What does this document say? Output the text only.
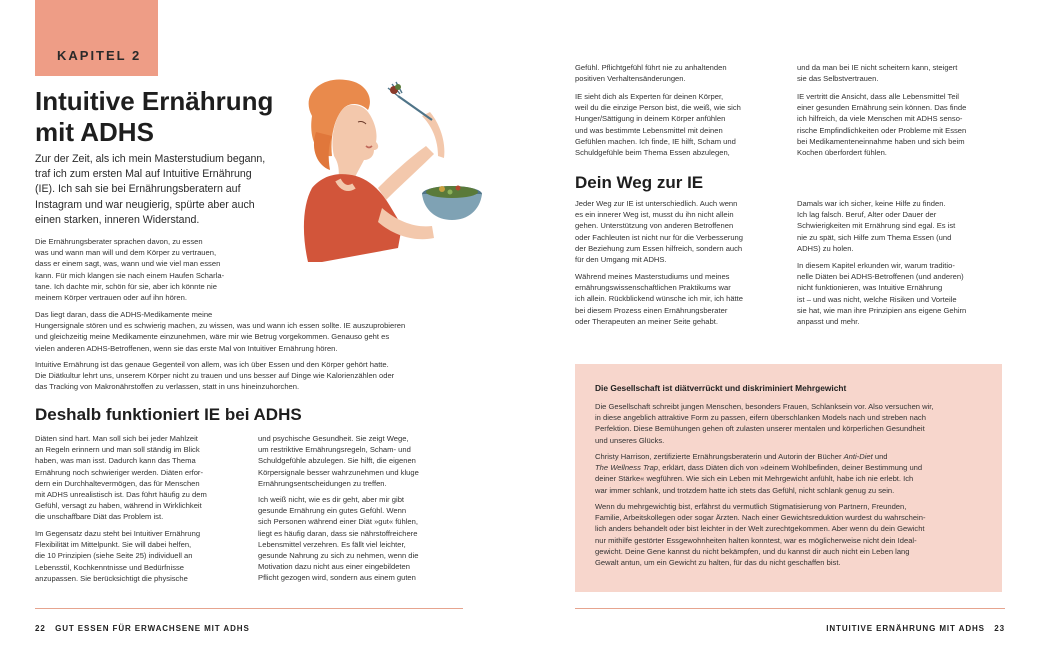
KAPITEL 2
Intuitive Ernährung
mit ADHS

Zur der Zeit, als ich mein Masterstudium begann,
traf ich zum ersten Mal auf Intuitive Ernährung
(IE). Ich sah sie bei Ernährungsberatern auf
Instagram und war neugierig, spürte aber auch
einen starken, inneren Widerstand.

Die Ernährungsberater sprachen davon, zu essen
was und wann man will und dem Körper zu vertrauen,
dass er einem sagt, was, wann und wie viel man essen
kann. Für mich klangen sie nach einem Haufen Scharla-
tane. Ich dachte mir, schön für sie, aber ich könnte nie
meinem Körper vertrauen oder auf ihn hören.

Das liegt daran, dass die ADHS-Medikamente meine
Hungersignale stören und es schwierig machen, zu wissen, was und wann ich essen sollte. IE auszuprobieren
und gleichzeitig meine Medikamente einzunehmen, wäre mir wie Betrug vorgekommen. Genauso geht es
vielen anderen ADHS-Betroffenen, wenn sie das erste Mal von Intuitiver Ernährung hören.

Intuitive Ernährung ist das genaue Gegenteil von allem, was ich über Essen und den Körper gehört hatte.
Die Diätkultur lehrt uns, unserem Körper nicht zu trauen und uns besser auf Dinge wie Kalorienzählen oder
das Tracking von Makronährstoffen zu verlassen, statt in uns hineinzuhorchen.

Deshalb funktioniert IE bei ADHS

Diäten sind hart. Man soll sich bei jeder Mahlzeit
an Regeln erinnern und man soll ständig im Blick
haben, was man isst. Dadurch kann das Thema
Ernährung noch schwieriger werden. Diäten erfor-
dern ein Durchhaltevermögen, das für Menschen
mit ADHS unrealistisch ist. Das führt häufig zu dem
Gefühl, versagt zu haben, während in Wirklichkeit
die unschaffbare Diät das Problem ist.

Im Gegensatz dazu steht bei Intuitiver Ernährung
Flexibilität im Mittelpunkt. Sie will dabei helfen,
die 10 Prinzipien (siehe Seite 25) individuell an
Lebensstil, Kochkenntnisse und Bedürfnisse
anzupassen. Sie berücksichtigt die physische

und psychische Gesundheit. Sie zeigt Wege,
um restriktive Ernährungsregeln, Scham- und
Schuldgefühle abzulegen. Sie hilft, die eigenen
Körpersignale besser wahrzunehmen und kluge
Ernährungsentscheidungen zu treffen.

Ich weiß nicht, wie es dir geht, aber mir gibt
gesunde Ernährung ein gutes Gefühl. Wenn
sich Personen während einer Diät »gut« fühlen,
liegt es häufig daran, dass sie nährstoffreichere
Lebensmittel verzehren. Es fällt viel leichter,
gesunde Nahrung zu sich zu nehmen, wenn die
Motivation dazu nicht aus einer eingebildeten
Pflicht gezogen wird, sondern aus einem guten

Gefühl. Pflichtgefühl führt nie zu anhaltenden
positiven Verhaltensänderungen.

IE sieht dich als Experten für deinen Körper,
weil du die einzige Person bist, die weiß, wie sich
Hunger/Sättigung in deinem Körper anfühlen
und was bestimmte Lebensmittel mit deinen
Gefühlen machen. Ich finde, IE hilft, Scham und
Schuldgefühle beim Thema Essen abzulegen,

und da man bei IE nicht scheitern kann, steigert
sie das Selbstvertrauen.

IE vertritt die Ansicht, dass alle Lebensmittel Teil
einer gesunden Ernährung sein können. Das finde
ich hilfreich, da viele Menschen mit ADHS senso-
rische Empfindlichkeiten oder Probleme mit Essen
bei Medikamenteneinnahme haben und sich beim
Kochen überfordert fühlen.

Dein Weg zur IE

Jeder Weg zur IE ist unterschiedlich. Auch wenn
es ein innerer Weg ist, musst du ihn nicht allein
gehen. Unterstützung von anderen Betroffenen
oder Fachleuten ist nicht nur für die Verbesserung
der Beziehung zum Essen hilfreich, sondern auch
für den Umgang mit ADHS.

Während meines Masterstudiums und meines
ernährungswissenschaftlichen Praktikums war
ich allein. Rückblickend wünsche ich mir, ich hätte
bei diesem Prozess einen Ernährungsberater
oder Therapeuten an meiner Seite gehabt.

Damals war ich sicher, keine Hilfe zu finden.
Ich lag falsch. Beruf, Alter oder Dauer der
Schwierigkeiten mit Ernährung sind egal. Es ist
nie zu spät, sich Hilfe zum Thema Essen (und
ADHS) zu holen.

In diesem Kapitel erkunden wir, warum traditio-
nelle Diäten bei ADHS-Betroffenen (und anderen)
nicht funktionieren, was Intuitive Ernährung
ist – und was nicht, welche Risiken und Vorteile
sie hat, wie man ihre Prinzipien ans eigene Gehirn
anpasst und mehr.

Die Gesellschaft ist diätverrückt und diskriminiert Mehrgewicht

Die Gesellschaft schreibt jungen Menschen, besonders Frauen, Schlanksein vor. Also versuchen wir,
in diese angeblich attraktive Form zu passen, eifern überschlanken Models nach und streben nach
Perfektion. Diese Bemühungen gehen oft zulasten unserer mentalen und körperlichen Gesundheit
und unseres Glücks.

Christy Harrison, zertifizierte Ernährungsberaterin und Autorin der Bücher Anti-Diet und
The Wellness Trap, erklärt, dass Diäten dich von »deinem Wohlbefinden, deiner Bestimmung und
deiner Stärke« wegführen. Wie sich ein Leben mit Mehrgewicht anfühlt, habe ich nie erlebt. Ich
war immer schlank, und trotzdem hatte ich stets das Gefühl, nicht schlank genug zu sein.

Wenn du mehrgewichtig bist, erfährst du vermutlich Stigmatisierung von Partnern, Freunden,
Familie, Arbeitskollegen oder sogar Ärzten. Nach einer Gewichtsreduktion wurdest du wahrschein-
lich anders behandelt oder bist leichter in der Welt zurechtgekommen. Aber wenn du dein Gewicht
nur mithilfe gestörter Essgewohnheiten halten konntest, war es möglicherweise nicht dein Ideal-
gewicht. Deine Gene kannst du nicht bekämpfen, und du kannst dir auch nicht ein Leben lang
Gewalt antun, um ein Gewicht zu halten, für das du nicht geschaffen bist.

22 GUT ESSEN FÜR ERWACHSENE MIT ADHS	INTUITIVE ERNÄHRUNG MIT ADHS 23
